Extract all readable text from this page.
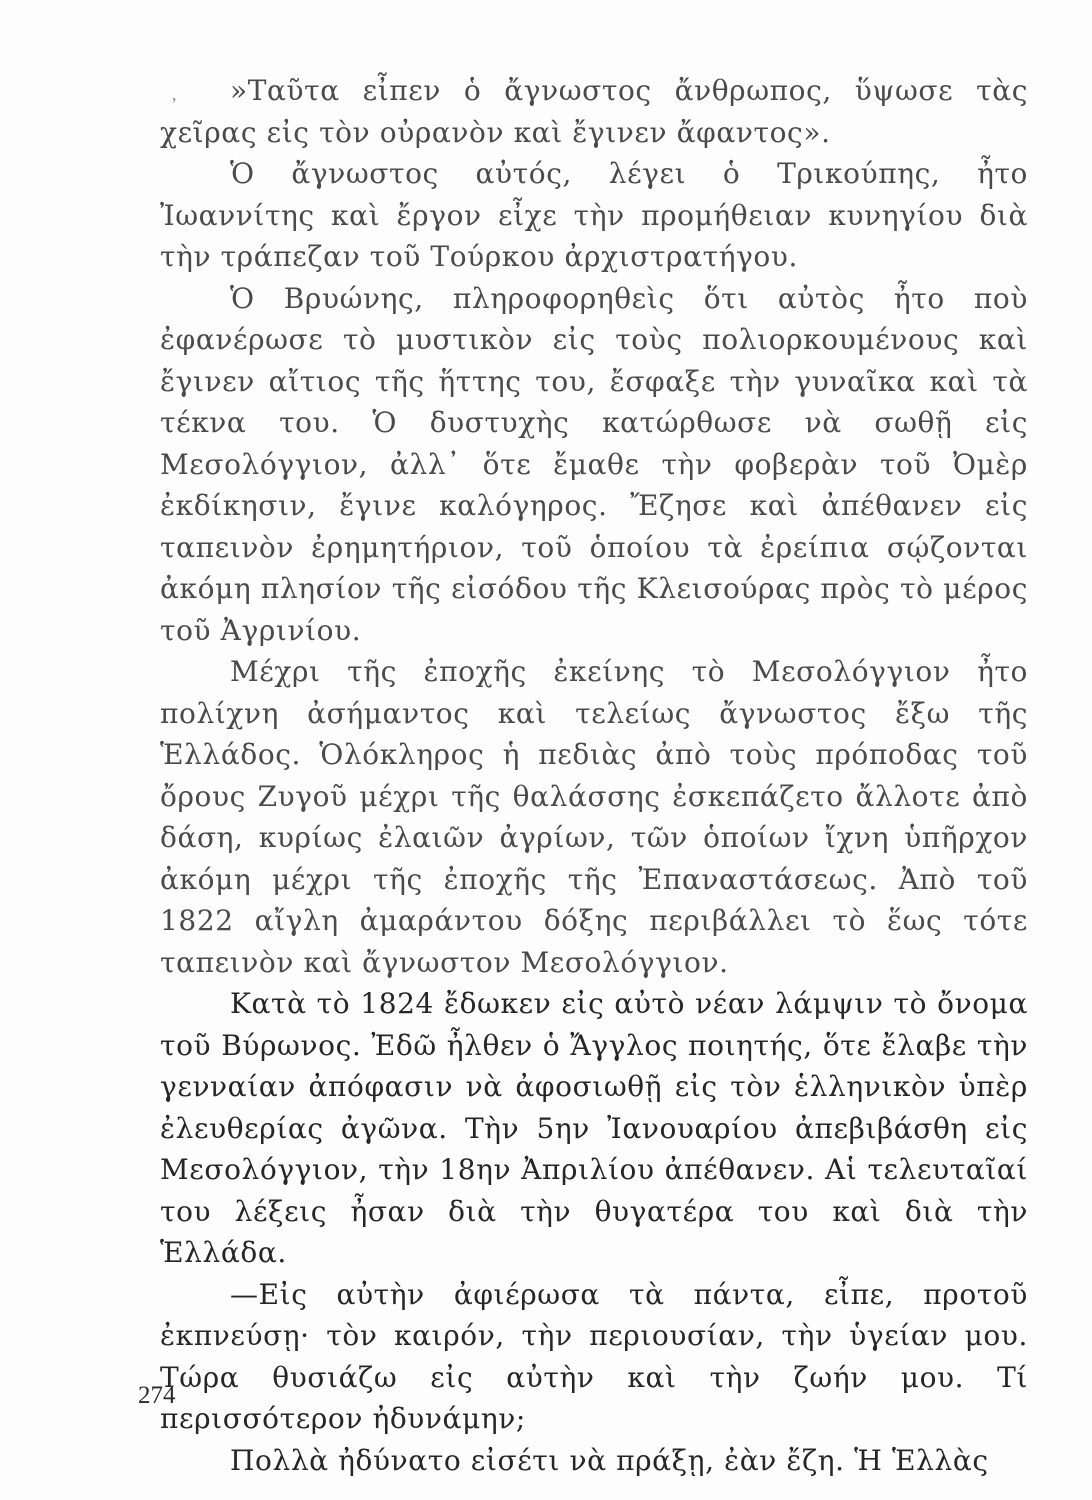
,	»Ταῦτα εἶπεν ὁ ἄγνωστος ἄνθρωπος, ὕψωσε τὰς χεῖρας εἰς τὸν οὐρανὸν καὶ ἔγινεν ἄφαντος».

Ὁ ἄγνωστος αὐτός, λέγει ὁ Τρικούπης, ἦτο Ἰωαννίτης καὶ ἔργον εἶχε τὴν προμήθειαν κυνηγίου διὰ τὴν τράπεζαν τοῦ Τούρκου ἀρχιστρατήγου.

Ὁ Βρυώνης, πληροφορηθεὶς ὅτι αὐτὸς ἦτο ποὺ ἐφανέρωσε τὸ μυστικὸν εἰς τοὺς πολιορκουμένους καὶ ἔγινεν αἴτιος τῆς ἥττης του, ἔσφαξε τὴν γυναῖκα καὶ τὰ τέκνα του. Ὁ δυστυχὴς κατώρθωσε νὰ σωθῇ εἰς Μεσολόγγιον, ἀλλ᾽ ὅτε ἔμαθε τὴν φοβερὰν τοῦ Ὀμὲρ ἐκδίκησιν, ἔγινε καλόγηρος. Ἔζησε καὶ ἀπέθανεν εἰς ταπεινὸν ἐρημητήριον, τοῦ ὁποίου τὰ ἐρείπια σῴζονται ἀκόμη πλησίον τῆς εἰσόδου τῆς Κλεισούρας πρὸς τὸ μέρος τοῦ Ἀγρινίου.

Μέχρι τῆς ἐποχῆς ἐκείνης τὸ Μεσολόγγιον ἦτο πολίχνη ἀσήμαντος καὶ τελείως ἄγνωστος ἔξω τῆς Ἑλλάδος. Ὁλόκληρος ἡ πεδιὰς ἀπὸ τοὺς πρόποδας τοῦ ὄρους Ζυγοῦ μέχρι τῆς θαλάσσης ἐσκεπάζετο ἄλλοτε ἀπὸ δάση, κυρίως ἐλαιῶν ἀγρίων, τῶν ὁποίων ἴχνη ὑπῆρχον ἀκόμη μέχρι τῆς ἐποχῆς τῆς Ἐπαναστάσεως. Ἀπὸ τοῦ 1822 αἴγλη ἀμαράντου δόξης περιβάλλει τὸ ἕως τότε ταπεινὸν καὶ ἄγνωστον Μεσολόγγιον.

Κατὰ τὸ 1824 ἔδωκεν εἰς αὐτὸ νέαν λάμψιν τὸ ὄνομα τοῦ Βύρωνος. Ἐδῶ ἦλθεν ὁ Ἄγγλος ποιητής, ὅτε ἔλαβε τὴν γενναίαν ἀπόφασιν νὰ ἀφοσιωθῇ εἰς τὸν ἑλληνικὸν ὑπὲρ ἐλευθερίας ἀγῶνα. Τὴν 5ην Ἰανουαρίου ἀπεβιβάσθη εἰς Μεσολόγγιον, τὴν 18ην Ἀπριλίου ἀπέθανεν. Αἱ τελευταῖαί του λέξεις ἦσαν διὰ τὴν θυγατέρα του καὶ διὰ τὴν Ἑλλάδα.

—Εἰς αὐτὴν ἀφιέρωσα τὰ πάντα, εἶπε, προτοῦ ἐκπνεύσῃ· τὸν καιρόν, τὴν περιουσίαν, τὴν ὑγείαν μου. Τώρα θυσιάζω εἰς αὐτὴν καὶ τὴν ζωήν μου. Τί περισσότερον ἠδυνάμην;

Πολλὰ ἠδύνατο εἰσέτι νὰ πράξῃ, ἐὰν ἔζη. Ἡ Ἑλλὰς

274
